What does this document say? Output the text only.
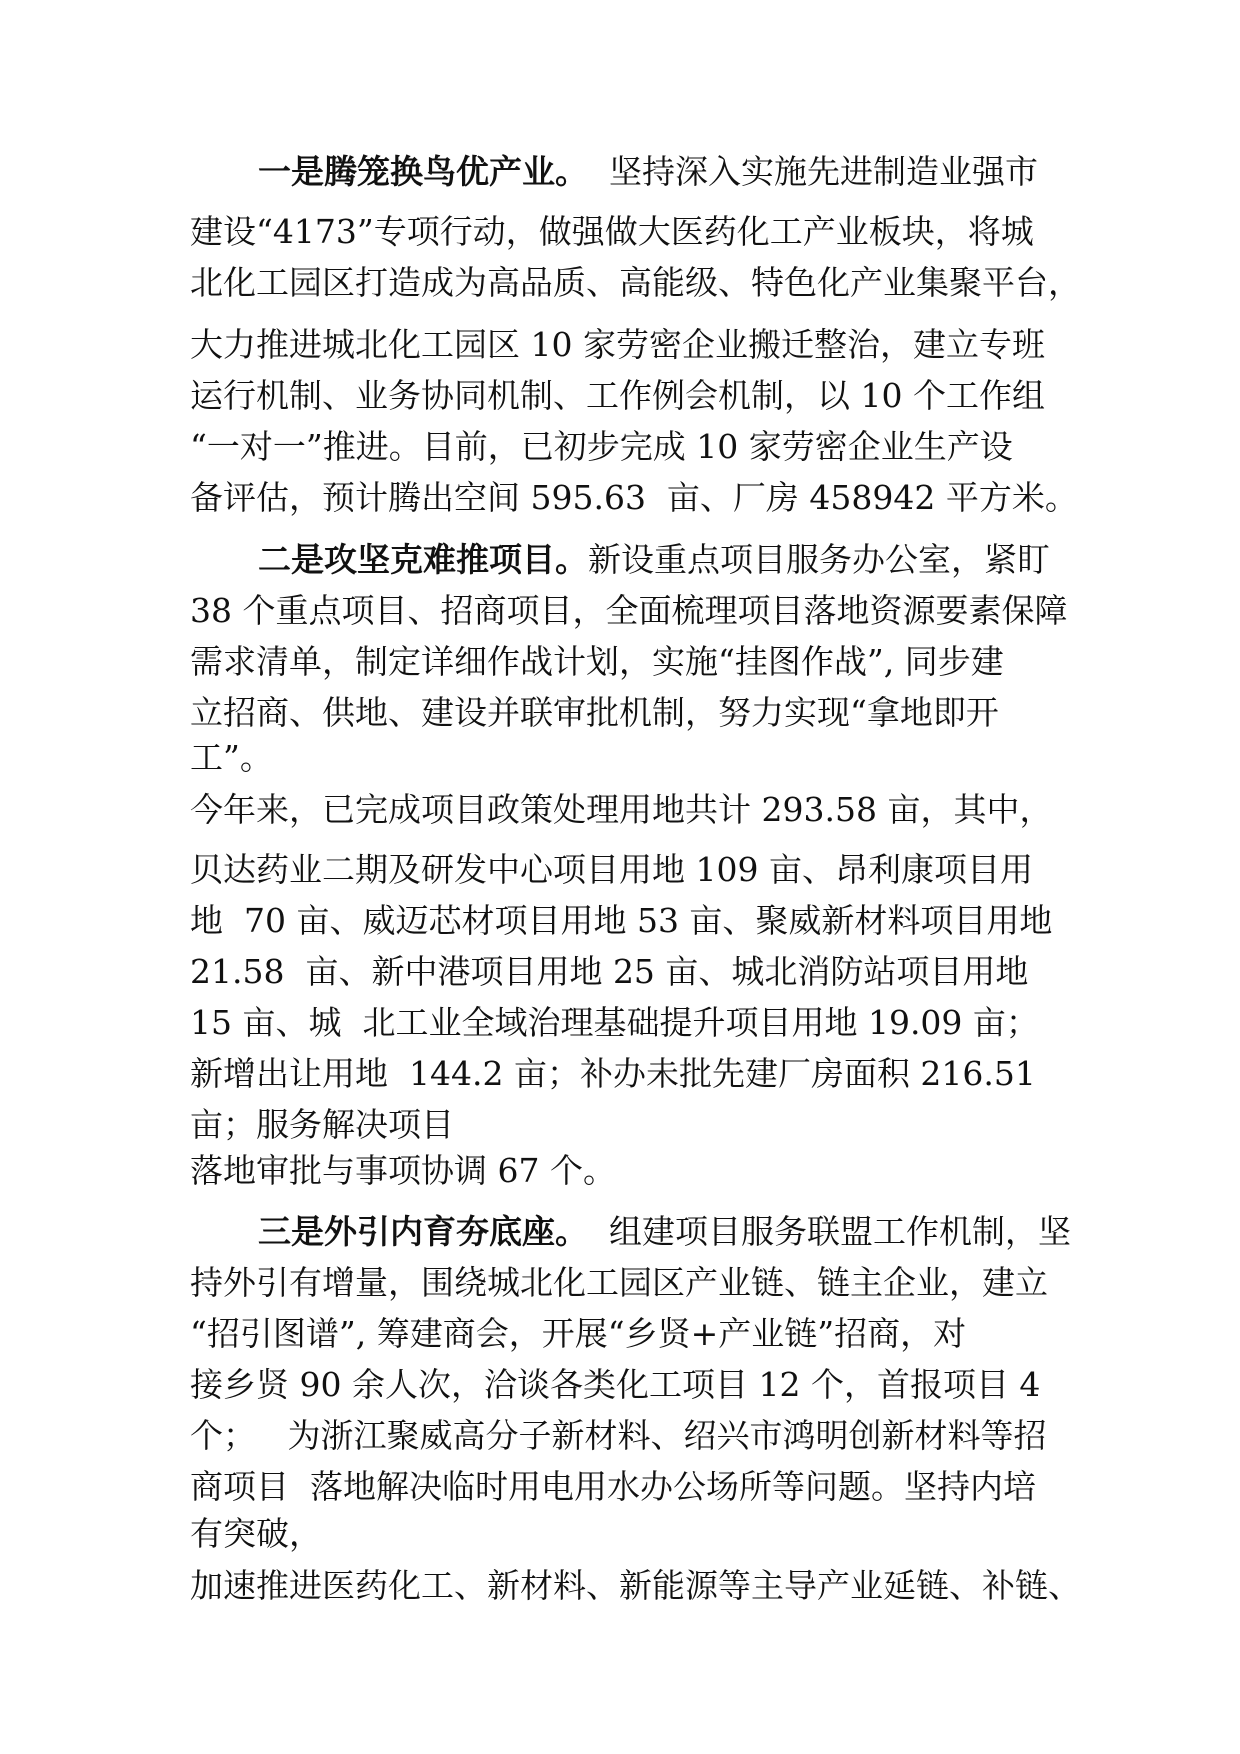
一是腾笼换鸟优产业。  坚持深入实施先进制造业强市
建设“4173”专项行动，做强做大医药化工产业板块，将城
北化工园区打造成为高品质、高能级、特色化产业集聚平台，
大力推进城北化工园区 10 家劳密企业搬迁整治，建立专班
运行机制、业务协同机制、工作例会机制，以 10 个工作组
“一对一”推进。目前，已初步完成 10 家劳密企业生产设
备评估，预计腾出空间 595.63  亩、厂房 458942 平方米。
二是攻坚克难推项目。新设重点项目服务办公室，紧盯
38 个重点项目、招商项目，全面梳理项目落地资源要素保障
需求清单，制定详细作战计划，实施“挂图作战”, 同步建
立招商、供地、建设并联审批机制，努力实现“拿地即开
工”。
今年来，已完成项目政策处理用地共计 293.58 亩，其中，
贝达药业二期及研发中心项目用地 109 亩、昂利康项目用
地  70 亩、威迈芯材项目用地 53 亩、聚威新材料项目用地
21.58  亩、新中港项目用地 25 亩、城北消防站项目用地
15 亩、城  北工业全域治理基础提升项目用地 19.09 亩；
新增出让用地  144.2 亩；补办未批先建厂房面积 216.51
亩；服务解决项目
落地审批与事项协调 67 个。
三是外引内育夯底座。  组建项目服务联盟工作机制，坚
持外引有增量，围绕城北化工园区产业链、链主企业，建立
“招引图谱”, 筹建商会，开展“乡贤+产业链”招商，对
接乡贤 90 余人次，洽谈各类化工项目 12 个，首报项目 4
个；   为浙江聚威高分子新材料、绍兴市鸿明创新材料等招
商项目  落地解决临时用电用水办公场所等问题。坚持内培
有突破，
加速推进医药化工、新材料、新能源等主导产业延链、补链、
